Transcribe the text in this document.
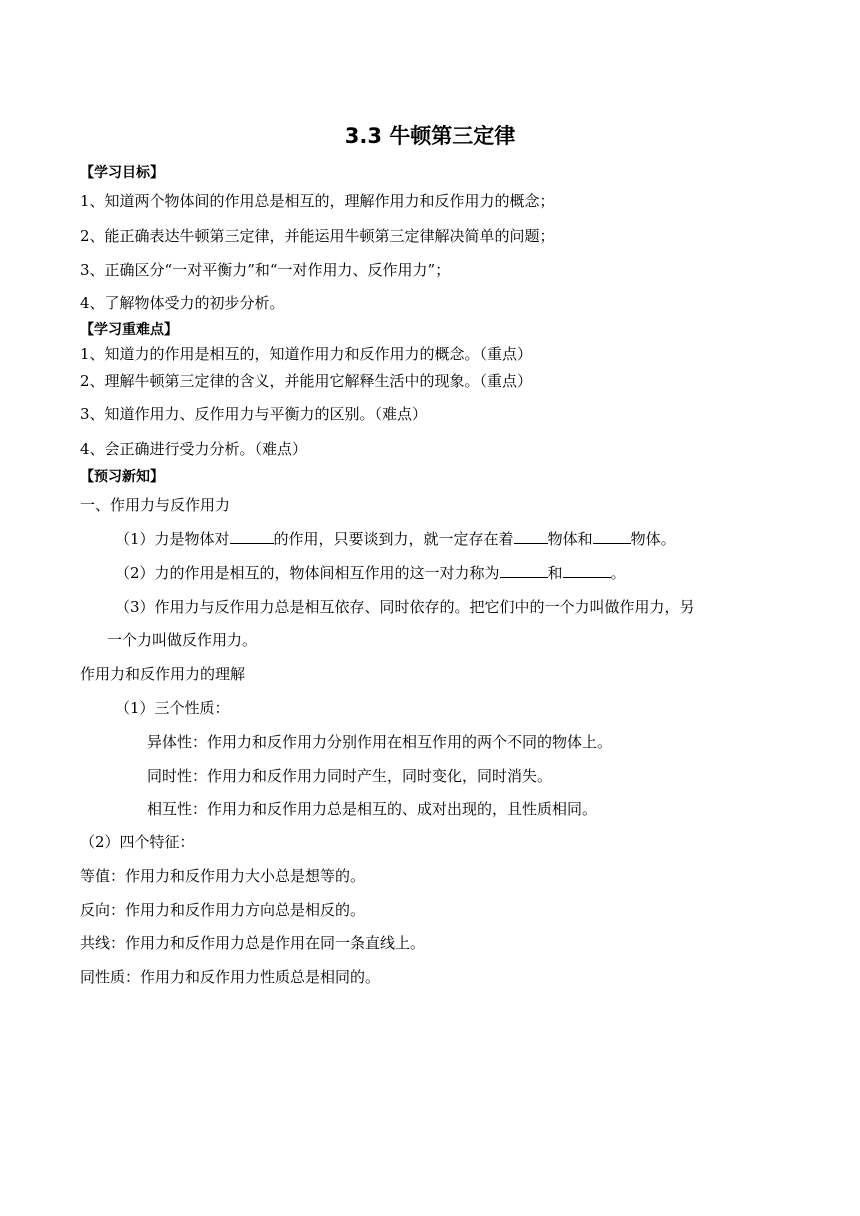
3.3 牛顿第三定律
【学习目标】
1、知道两个物体间的作用总是相互的，理解作用力和反作用力的概念；
2、能正确表达牛顿第三定律，并能运用牛顿第三定律解决简单的问题；
3、正确区分“一对平衡力”和“一对作用力、反作用力”；
4、了解物体受力的初步分析。
【学习重难点】
1、知道力的作用是相互的，知道作用力和反作用力的概念。（重点）
2、理解牛顿第三定律的含义，并能用它解释生活中的现象。（重点）
3、知道作用力、反作用力与平衡力的区别。（难点）
4、会正确进行受力分析。（难点）
【预习新知】
一、作用力与反作用力
（1）力是物体对	的作用，只要谈到力，就一定存在着 物体和	物体。
（2）力的作用是相互的，物体间相互作用的这一对力称为	和	。
（3）作用力与反作用力总是相互依存、同时依存的。把它们中的一个力叫做作用力，另
一个力叫做反作用力。
作用力和反作用力的理解
（1）三个性质：
异体性：作用力和反作用力分别作用在相互作用的两个不同的物体上。
同时性：作用力和反作用力同时产生，同时变化，同时消失。
相互性：作用力和反作用力总是相互的、成对出现的，且性质相同。
（2）四个特征：
等值：作用力和反作用力大小总是想等的。
反向：作用力和反作用力方向总是相反的。
共线：作用力和反作用力总是作用在同一条直线上。
同性质：作用力和反作用力性质总是相同的。
